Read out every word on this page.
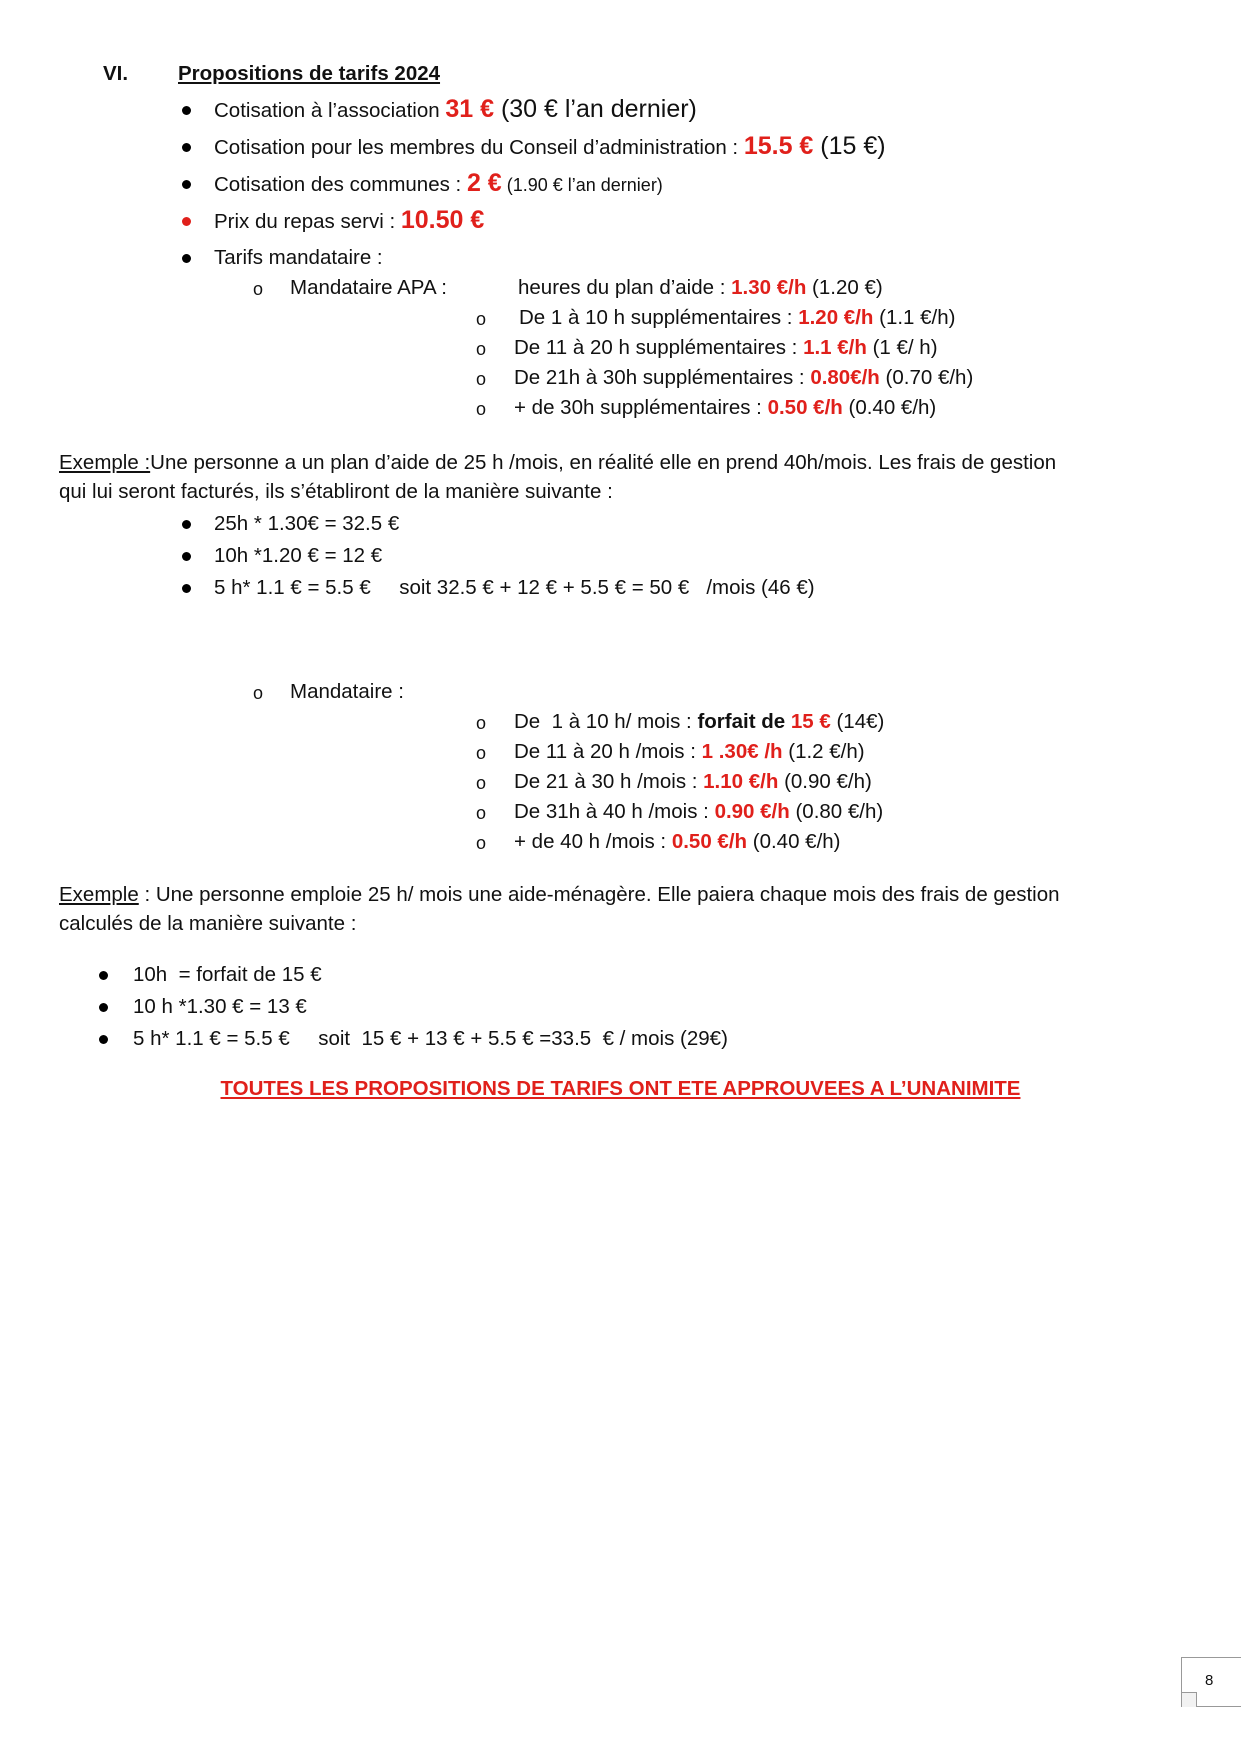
VI. Propositions de tarifs 2024
Cotisation à l’association 31 € (30 € l’an dernier)
Cotisation pour les membres du Conseil d’administration : 15.5 € (15 €)
Cotisation des communes : 2 € (1.90 € l’an dernier)
Prix du repas servi : 10.50 €
Tarifs mandataire :
o Mandataire APA :	heures du plan d’aide : 1.30 €/h (1.20 €)
o De 1 à 10 h supplémentaires : 1.20 €/h (1.1 €/h)
o De 11 à 20 h supplémentaires : 1.1 €/h (1 €/ h)
o De 21h à 30h supplémentaires : 0.80€/h (0.70 €/h)
o + de 30h supplémentaires : 0.50 €/h (0.40 €/h)
Exemple :Une personne a un plan d’aide de 25 h /mois, en réalité elle en prend 40h/mois. Les frais de gestion
qui lui seront facturés, ils s’établiront de la manière suivante :
25h * 1.30€ = 32.5 €
10h *1.20 € = 12 €
5 h* 1.1 € = 5.5 €     soit 32.5 € + 12 € + 5.5 € = 50 €   /mois (46 €)
o Mandataire :
o De  1 à 10 h/ mois : forfait de 15 € (14€)
o De 11 à 20 h /mois : 1 .30€ /h (1.2 €/h)
o De 21 à 30 h /mois : 1.10 €/h (0.90 €/h)
o De 31h à 40 h /mois : 0.90 €/h (0.80 €/h)
o + de 40 h /mois : 0.50 €/h (0.40 €/h)
Exemple : Une personne emploie 25 h/ mois une aide-ménagère. Elle paiera chaque mois des frais de gestion
calculés de la manière suivante :
10h  = forfait de 15 €
10 h *1.30 € = 13 €
5 h* 1.1 € = 5.5 €     soit  15 € + 13 € + 5.5 € =33.5  € / mois (29€)
TOUTES LES PROPOSITIONS DE TARIFS ONT ETE APPROUVEES A L’UNANIMITE
8
